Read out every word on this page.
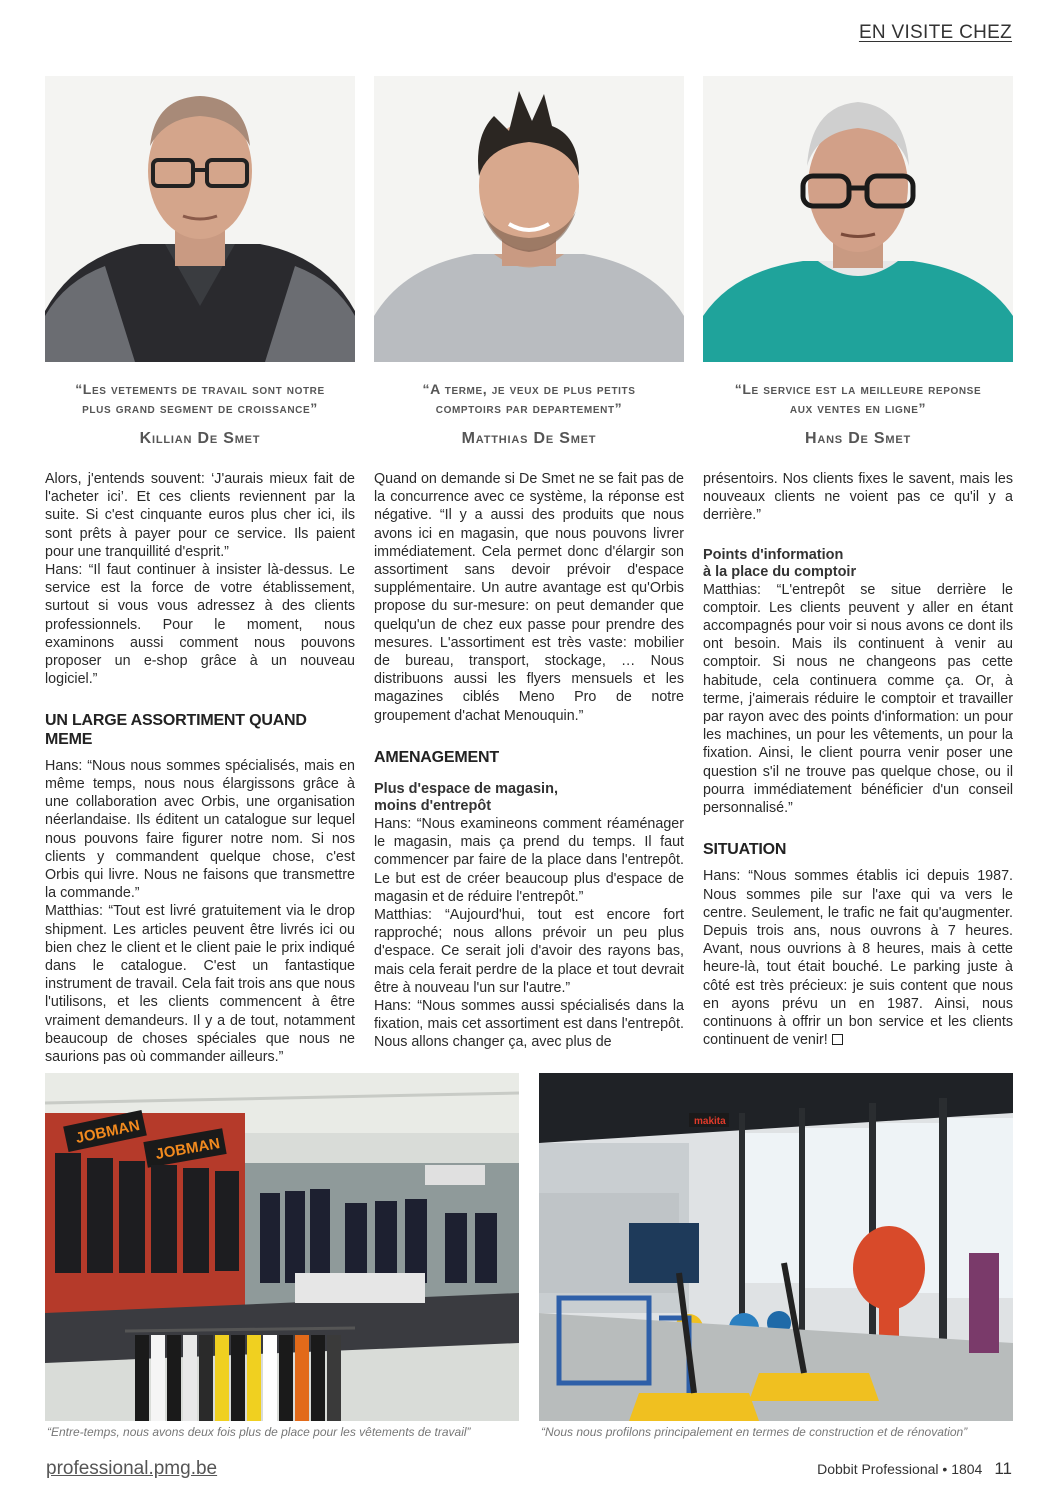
EN VISITE CHEZ

“Les vetements de travail sont notre

plus grand segment de croissance”

Killian De Smet

“A terme, je veux de plus petits

comptoirs par departement”

Matthias De Smet

“Le service est la meilleure reponse

aux ventes en ligne”

Hans De Smet

Alors, j'entends souvent: ‘J'aurais mieux fait de l'acheter ici’. Et ces clients reviennent par la suite. Si c'est cinquante euros plus cher ici, ils sont prêts à payer pour ce service. Ils paient pour une tranquillité d'esprit.”

Hans: “Il faut continuer à insister là-dessus. Le service est la force de votre établissement, surtout si vous vous adressez à des clients professionnels. Pour le moment, nous examinons aussi comment nous pouvons proposer un e-shop grâce à un nouveau logiciel.”

UN LARGE ASSORTIMENT QUAND MEME

Hans: “Nous nous sommes spécialisés, mais en même temps, nous nous élargissons grâce à une collaboration avec Orbis, une organisation néerlandaise. Ils éditent un catalogue sur lequel nous pouvons faire figurer notre nom. Si nos clients y commandent quelque chose, c'est Orbis qui livre. Nous ne faisons que transmettre la commande.”

Matthias: “Tout est livré gratuitement via le drop shipment. Les articles peuvent être livrés ici ou bien chez le client et le client paie le prix indiqué dans le catalogue. C'est un fantastique instrument de travail. Cela fait trois ans que nous l'utilisons, et les clients commencent à être vraiment demandeurs. Il y a de tout, notamment beaucoup de choses spéciales que nous ne saurions pas où commander ailleurs.”

Quand on demande si De Smet ne se fait pas de la concurrence avec ce système, la réponse est négative. “Il y a aussi des produits que nous avons ici en magasin, que nous pouvons livrer immédiatement. Cela permet donc d'élargir son assortiment sans devoir prévoir d'espace supplémentaire. Un autre avantage est qu'Orbis propose du sur-mesure: on peut demander que quelqu'un de chez eux passe pour prendre des mesures. L'assortiment est très vaste: mobilier de bureau, transport, stockage, … Nous distribuons aussi les flyers mensuels et les magazines ciblés Meno Pro de notre groupement d'achat Menouquin.”

AMENAGEMENT
Plus d'espace de magasin,
moins d'entrepôt

Hans: “Nous examineons comment réaménager le magasin, mais ça prend du temps. Il faut commencer par faire de la place dans l'entrepôt. Le but est de créer beaucoup plus d'espace de magasin et de réduire l'entrepôt.”

Matthias: “Aujourd'hui, tout est encore fort rapproché; nous allons prévoir un peu plus d'espace. Ce serait joli d'avoir des rayons bas, mais cela ferait perdre de la place et tout devrait être à nouveau l'un sur l'autre.”

Hans: “Nous sommes aussi spécialisés dans la fixation, mais cet assortiment est dans l'entrepôt. Nous allons changer ça, avec plus de

présentoirs. Nos clients fixes le savent, mais les nouveaux clients ne voient pas ce qu'il y a derrière.”

Points d'information
à la place du comptoir

Matthias: “L'entrepôt se situe derrière le comptoir. Les clients peuvent y aller en étant accompagnés pour voir si nous avons ce dont ils ont besoin. Mais ils continuent à venir au comptoir. Si nous ne changeons pas cette habitude, cela continuera comme ça. Or, à terme, j'aimerais réduire le comptoir et travailler par rayon avec des points d'information: un pour les machines, un pour les vêtements, un pour la fixation. Ainsi, le client pourra venir poser une question s'il ne trouve pas quelque chose, ou il pourra immédiatement bénéficier d'un conseil personnalisé.”

SITUATION

Hans: “Nous sommes établis ici depuis 1987. Nous sommes pile sur l'axe qui va vers le centre. Seulement, le trafic ne fait qu'augmenter. Depuis trois ans, nous ouvrons à 7 heures. Avant, nous ouvrions à 8 heures, mais à cette heure-là, tout était bouché. Le parking juste à côté est très précieux: je suis content que nous en ayons prévu un en 1987. Ainsi, nous continuons à offrir un bon service et les clients continuent de venir!

JOBMAN
JOBMAN
“Entre-temps, nous avons deux fois plus de place pour les vêtements de travail”
makita
“Nous nous profilons principalement en termes de construction et de rénovation”
professional.pmg.be	Dobbit Professional • 1804 11
